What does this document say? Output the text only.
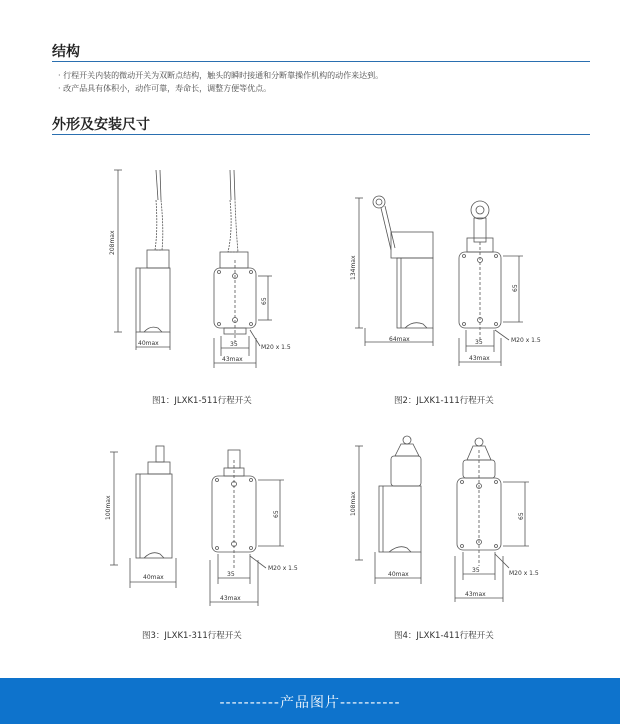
结构
· 行程开关内装的微动开关为双断点结构，触头的瞬时接通和分断靠操作机构的动作来达到。
· 改产品具有体积小，动作可靠，寿命长，调整方便等优点。
外形及安装尺寸
208max
40max
65
35
43max
M20 x 1.5
图1：JLXK1-511行程开关
134max
64max
65
35
43max
M20 x 1.5
图2：JLXK1-111行程开关
100max
40max
65
35
43max
M20 x 1.5
图3：JLXK1-311行程开关
108max
40max
65
35
43max
M20 x 1.5
图4：JLXK1-411行程开关
----------产品图片----------
